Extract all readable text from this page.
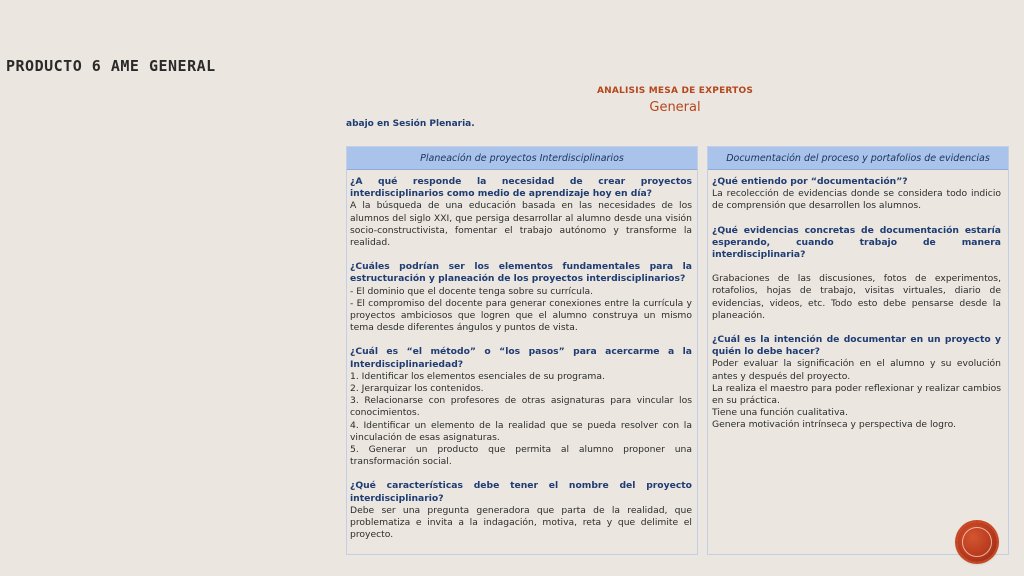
PRODUCTO 6 AME GENERAL
ANALISIS MESA DE EXPERTOS
General
abajo en Sesión Plenaria.
Planeación de proyectos Interdisciplinarios
¿A qué responde la necesidad de crear proyectos interdisciplinarios como medio de aprendizaje hoy en día?
A la búsqueda de una educación basada en las necesidades de los alumnos del siglo XXI, que persiga desarrollar al alumno desde una visión socio-constructivista, fomentar el trabajo autónomo y transforme la realidad.
¿Cuáles podrían ser los elementos fundamentales para la estructuración y planeación de los proyectos interdisciplinarios?
- El dominio que el docente tenga sobre su currícula.
- El compromiso del docente para generar conexiones entre la currícula y proyectos ambiciosos que logren que el alumno construya un mismo tema desde diferentes ángulos y puntos de vista.
¿Cuál es “el método” o “los pasos” para acercarme a la Interdisciplinariedad?
1. Identificar los elementos esenciales de su programa.
2. Jerarquizar los contenidos.
3. Relacionarse con profesores de otras asignaturas para vincular los conocimientos.
4. Identificar un elemento de la realidad que se pueda resolver con la vinculación de esas asignaturas.
5. Generar un producto que permita al alumno proponer una transformación social.
¿Qué características debe tener el nombre del proyecto interdisciplinario?
Debe ser una pregunta generadora que parta de la realidad, que problematiza e invita a la indagación, motiva, reta y que delimite el proyecto.
Documentación del proceso y portafolios de evidencias
¿Qué entiendo por “documentación”?
La recolección de evidencias donde se considera todo indicio de comprensión que desarrollen los alumnos.
¿Qué evidencias concretas de documentación estaría esperando, cuando trabajo de manera interdisciplinaria?
Grabaciones de las discusiones, fotos de experimentos, rotafolios, hojas de trabajo, visitas virtuales, diario de evidencias, videos, etc. Todo esto debe pensarse desde la planeación.
¿Cuál es la intención de documentar en un proyecto y quién lo debe hacer?
Poder evaluar la significación en el alumno y su evolución antes y después del proyecto.
La realiza el maestro para poder reflexionar y realizar cambios en su práctica.
Tiene una función cualitativa.
Genera motivación intrínseca y perspectiva de logro.
